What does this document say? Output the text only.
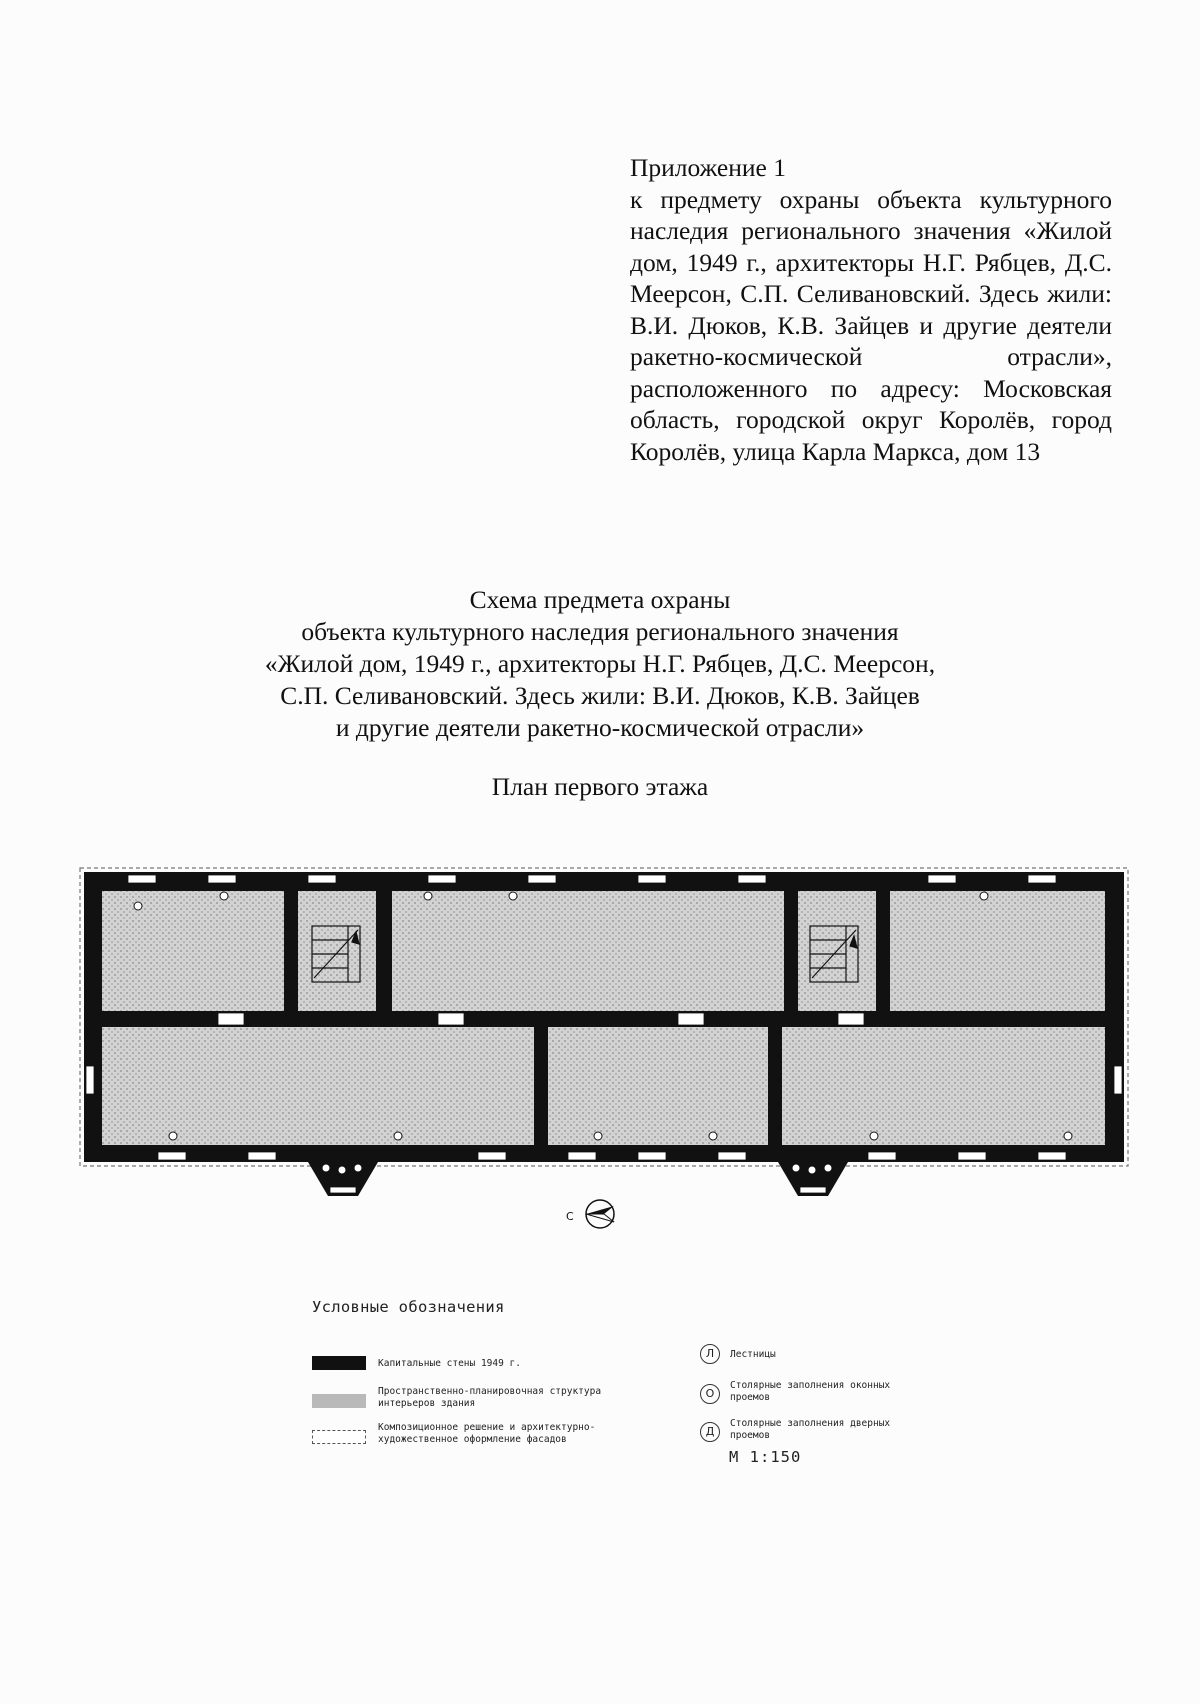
Приложение 1
к предмету охраны объекта культурного наследия регионального значения «Жилой дом, 1949 г., архитекторы Н.Г. Рябцев, Д.С. Меерсон, С.П. Селивановский. Здесь жили: В.И. Дюков, К.В. Зайцев и другие деятели ракетно-космической отрасли», расположенного по адресу: Московская область, городской округ Королёв, город Королёв, улица Карла Маркса, дом 13
Схема предмета охраны
объекта культурного наследия регионального значения
«Жилой дом, 1949 г., архитекторы Н.Г. Рябцев, Д.С. Меерсон,
С.П. Селивановский. Здесь жили: В.И. Дюков, К.В. Зайцев
и другие деятели ракетно-космической отрасли»
План первого этажа
С
Условные обозначения
Капитальные стены 1949 г.
Пространственно-планировочная структура интерьеров здания
Композиционное решение и архитектурно-художественное оформление фасадов
Л	Лестницы
О
Столярные заполнения оконных проемов
Д
Столярные заполнения дверных проемов
М 1:150
